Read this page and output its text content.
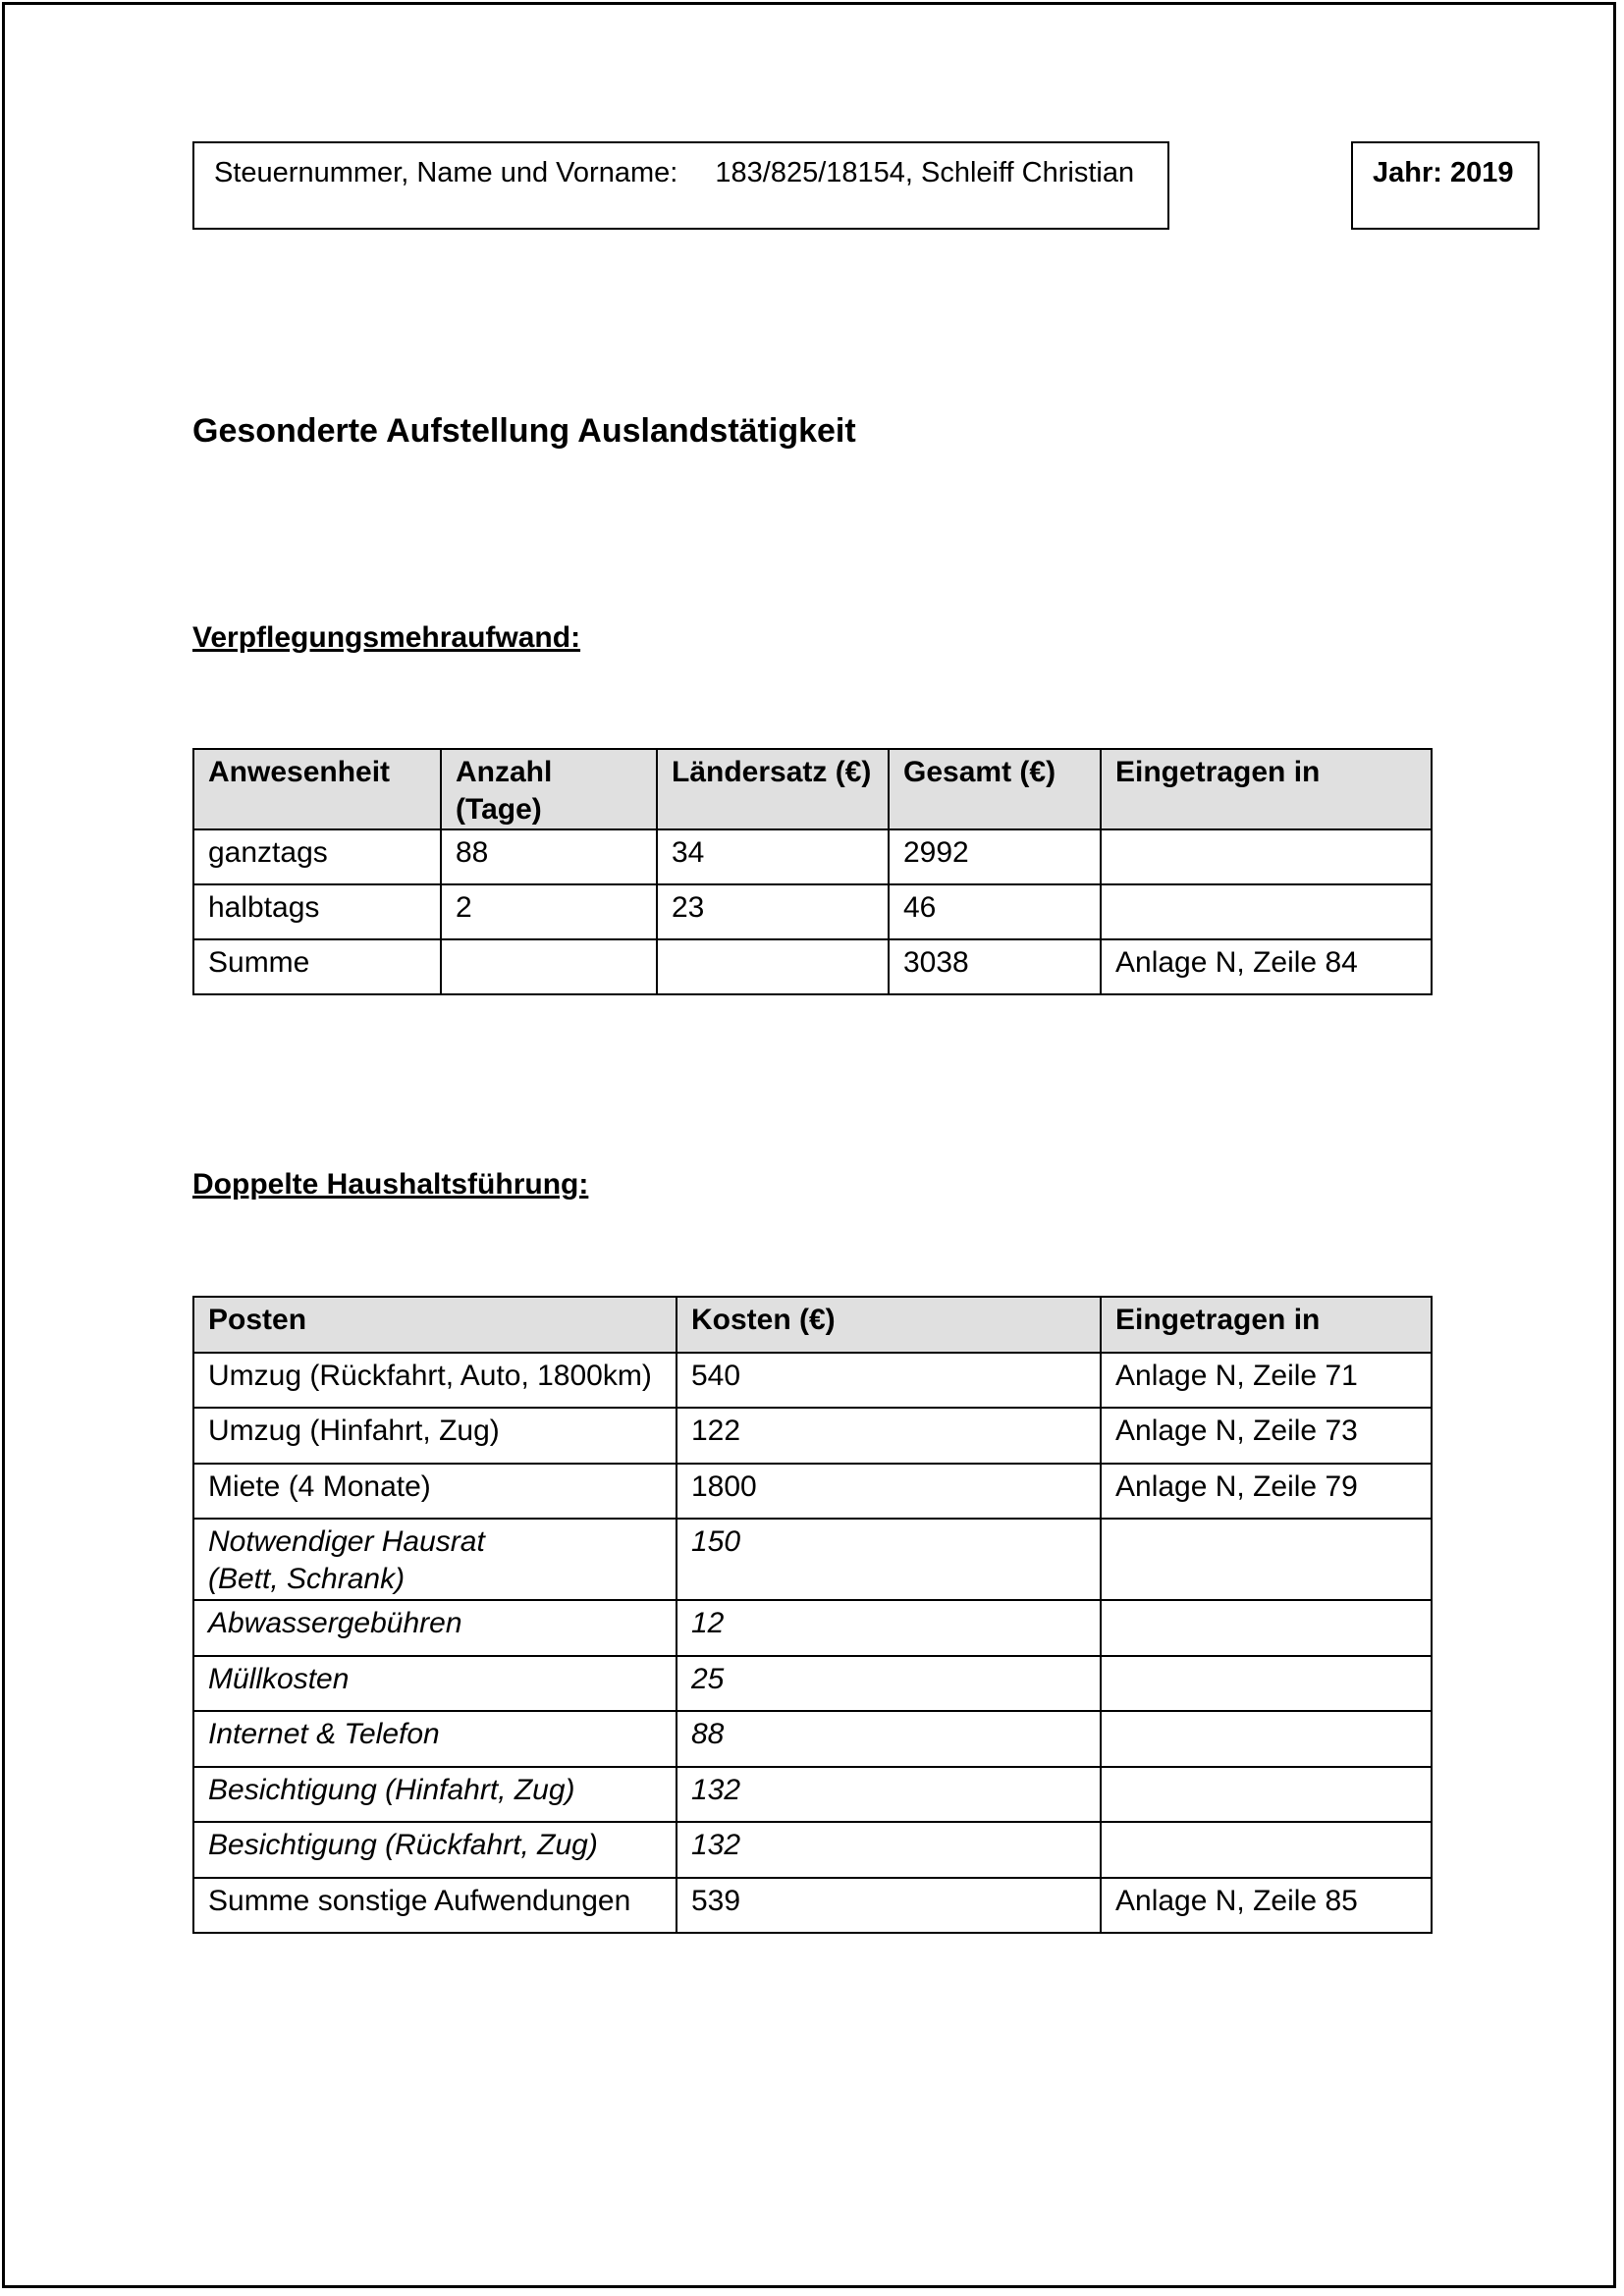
Steuernummer, Name und Vorname: 183/825/18154, Schleiff Christian	Jahr: 2019
Gesonderte Aufstellung Auslandstätigkeit
Verpflegungsmehraufwand:
Anwesenheit	Anzahl (Tage)	Ländersatz (€)	Gesamt (€)	Eingetragen in
ganztags	88	34	2992	
halbtags	2	23	46	
Summe			3038	Anlage N, Zeile 84
Doppelte Haushaltsführung:
Posten	Kosten (€)	Eingetragen in
Umzug (Rückfahrt, Auto, 1800km)	540	Anlage N, Zeile 71
Umzug (Hinfahrt, Zug)	122	Anlage N, Zeile 73
Miete (4 Monate)	1800	Anlage N, Zeile 79
Notwendiger Hausrat
(Bett, Schrank)	150	
Abwassergebühren	12	
Müllkosten	25	
Internet & Telefon	88	
Besichtigung (Hinfahrt, Zug)	132	
Besichtigung (Rückfahrt, Zug)	132	
Summe sonstige Aufwendungen	539	Anlage N, Zeile 85
